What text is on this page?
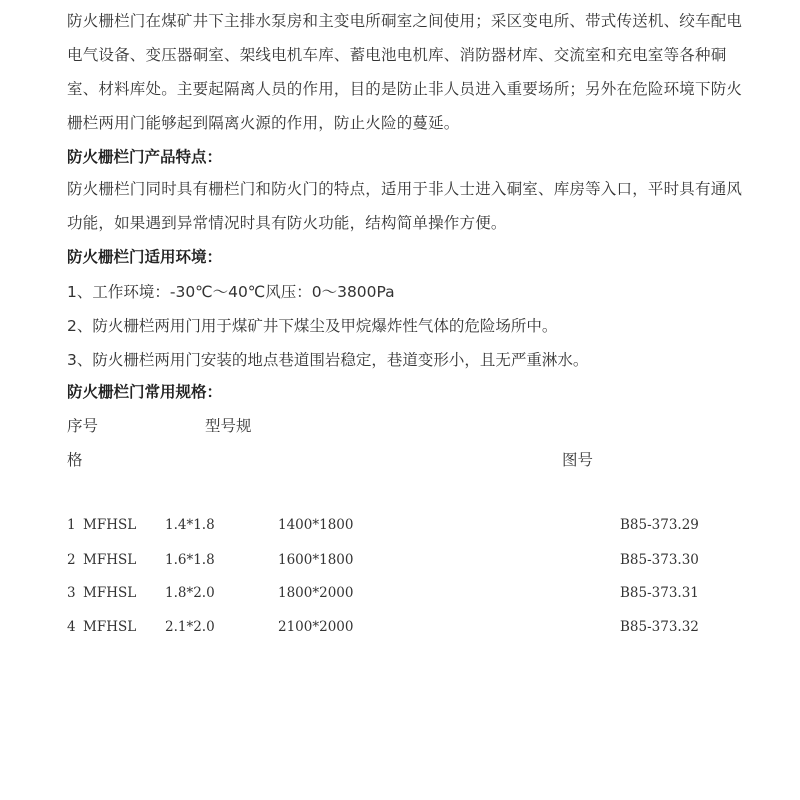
防火栅栏门在煤矿井下主排水泵房和主变电所硐室之间使用；采区变电所、带式传送机、绞车配电电气设备、变压器硐室、架线电机车库、蓄电池电机库、消防器材库、交流室和充电室等各种硐室、材料库处。主要起隔离人员的作用，目的是防止非人员进入重要场所；另外在危险环境下防火栅栏两用门能够起到隔离火源的作用，防止火险的蔓延。

防火栅栏门产品特点：

防火栅栏门同时具有栅栏门和防火门的特点，适用于非人士进入硐室、库房等入口，平时具有通风功能，如果遇到异常情况时具有防火功能，结构简单操作方便。

防火栅栏门适用环境：

1、工作环境：-30℃～40℃风压：0～3800Pa

2、防火栅栏两用门用于煤矿井下煤尘及甲烷爆炸性气体的危险场所中。

3、防火栅栏两用门安装的地点巷道围岩稳定，巷道变形小，且无严重淋水。

防火栅栏门常用规格：

序号	型号规
格	图号
1 MFHSL 1.4*1.8	1400*1800	B85-373.29
2 MFHSL 1.6*1.8	1600*1800	B85-373.30
3 MFHSL 1.8*2.0	1800*2000	B85-373.31
4 MFHSL 2.1*2.0	2100*2000	B85-373.32
